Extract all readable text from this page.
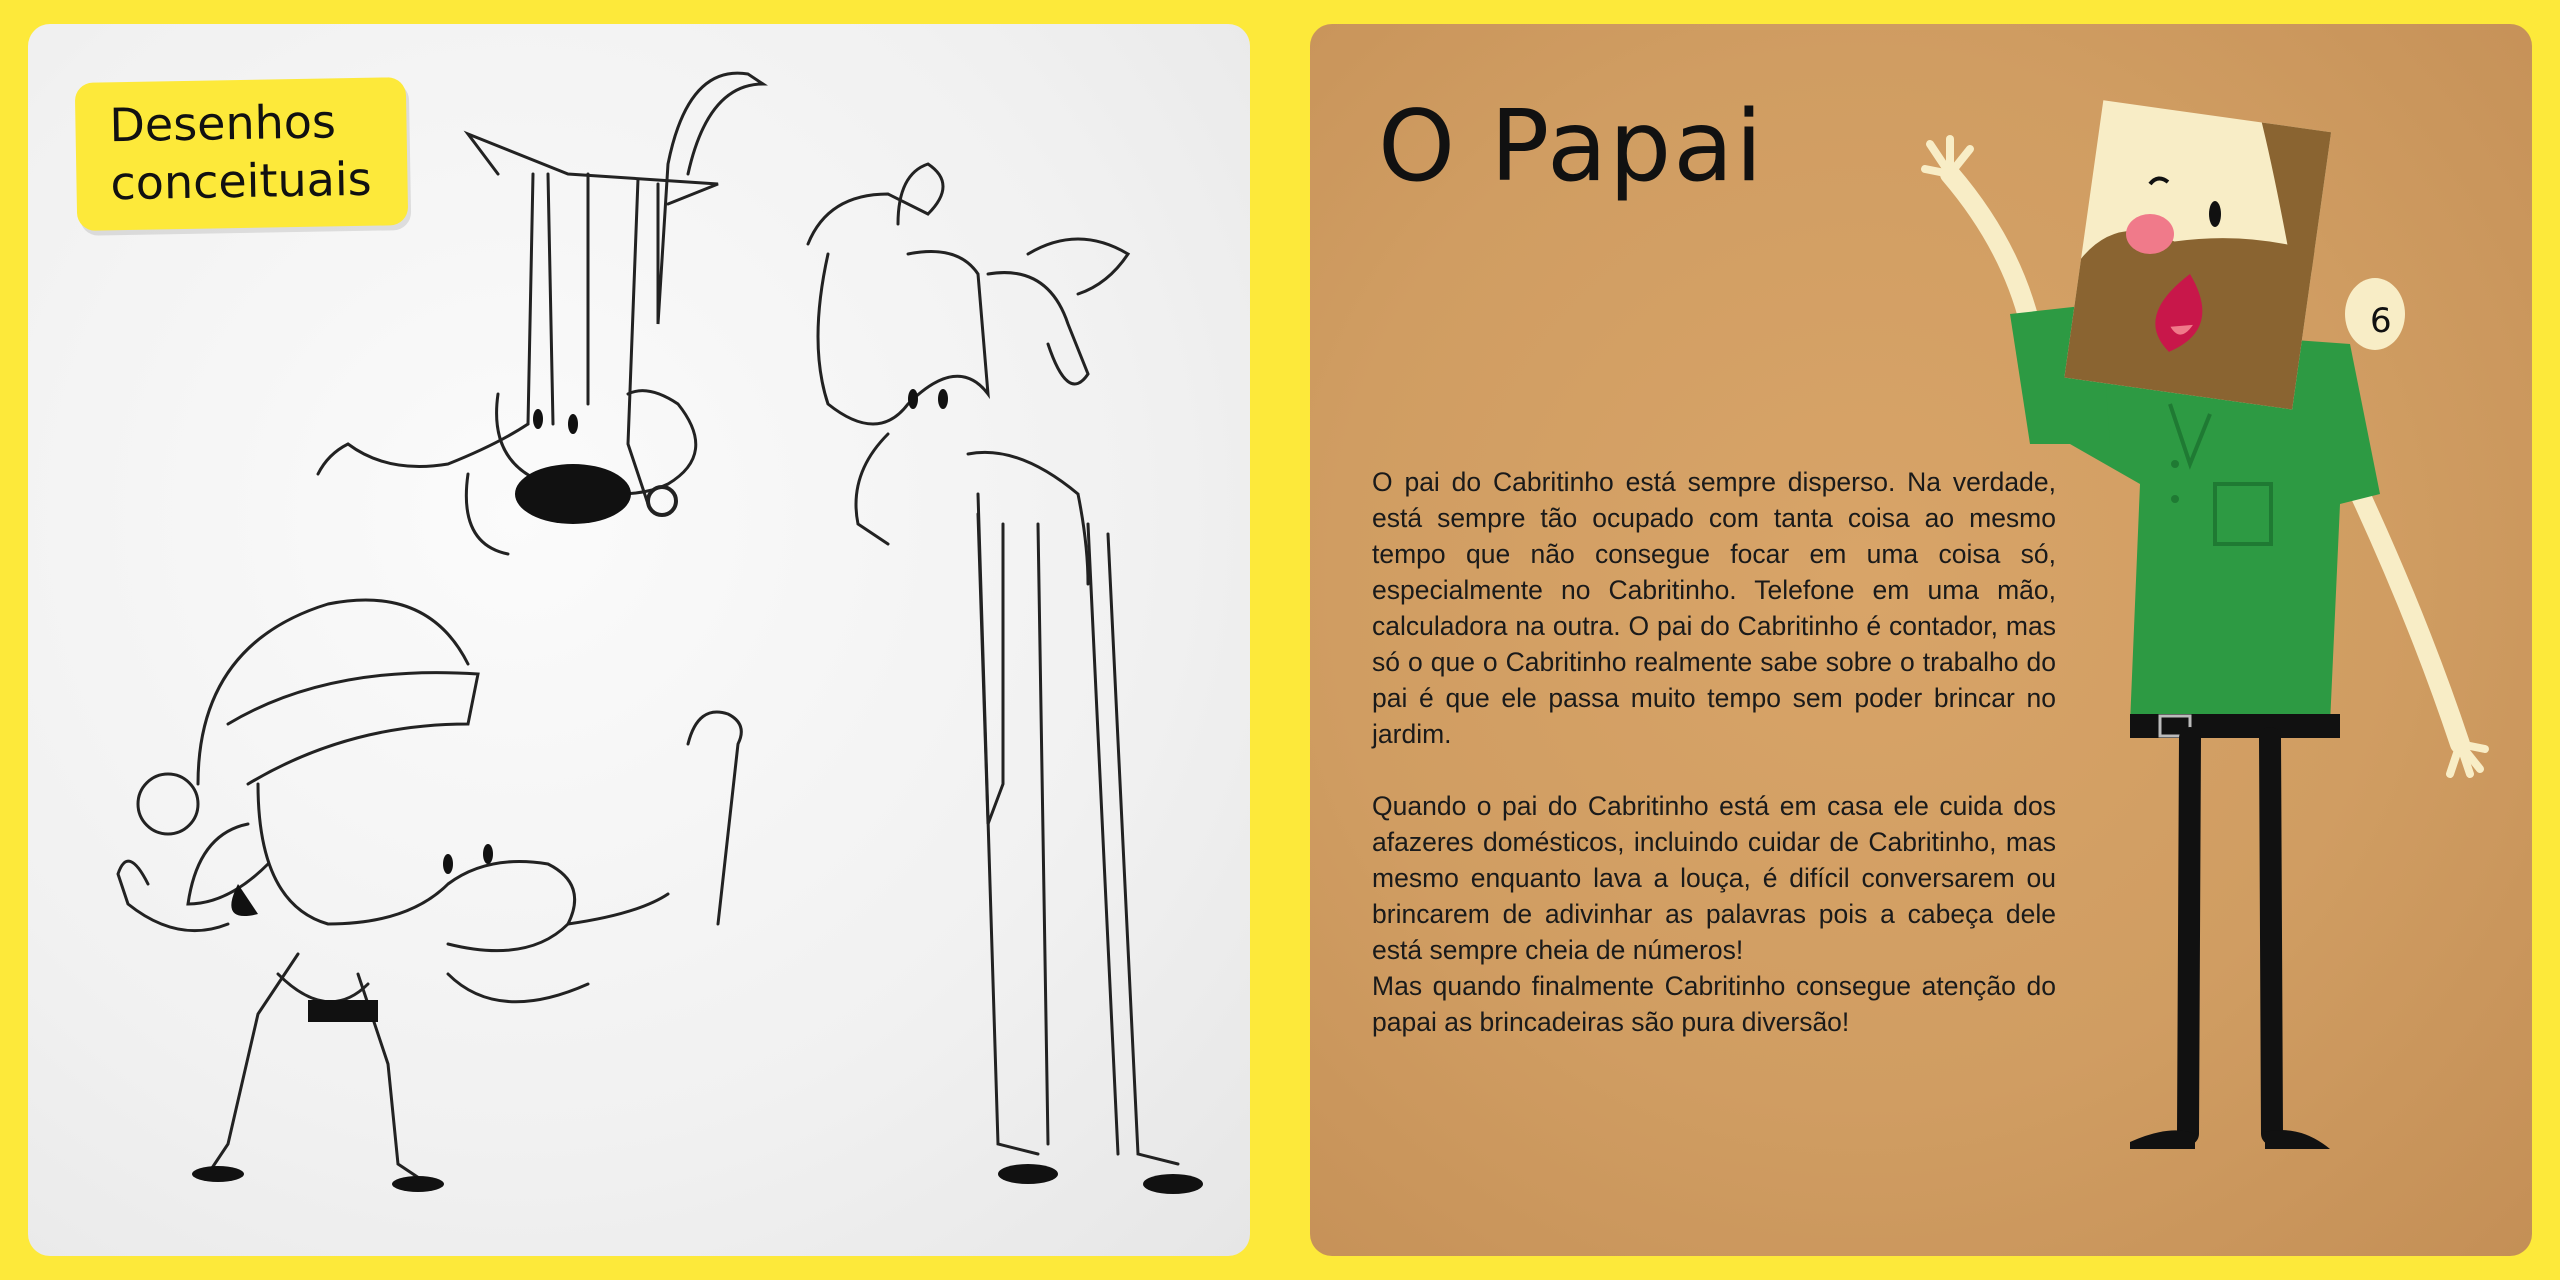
Desenhos
conceituais	O Papai

O pai do Cabritinho está sempre disperso. Na verdade, está sempre tão ocupado com tanta coisa ao mesmo tempo que não consegue focar em uma coisa só, especialmente no Cabritinho. Telefone em uma mão, calculadora na outra. O pai do Cabritinho é contador, mas só o que o Cabritinho realmente sabe sobre o trabalho do pai é que ele passa muito tempo sem poder brincar no jardim.

Quando o pai do Cabritinho está em casa ele cuida dos afazeres domésticos, incluindo cuidar de Cabritinho, mas mesmo enquanto lava a louça, é difícil conversarem ou brincarem de adivinhar as palavras pois a cabeça dele está sempre cheia de números!

Mas quando finalmente Cabritinho consegue atenção do papai as brincadeiras são pura diversão!

6
